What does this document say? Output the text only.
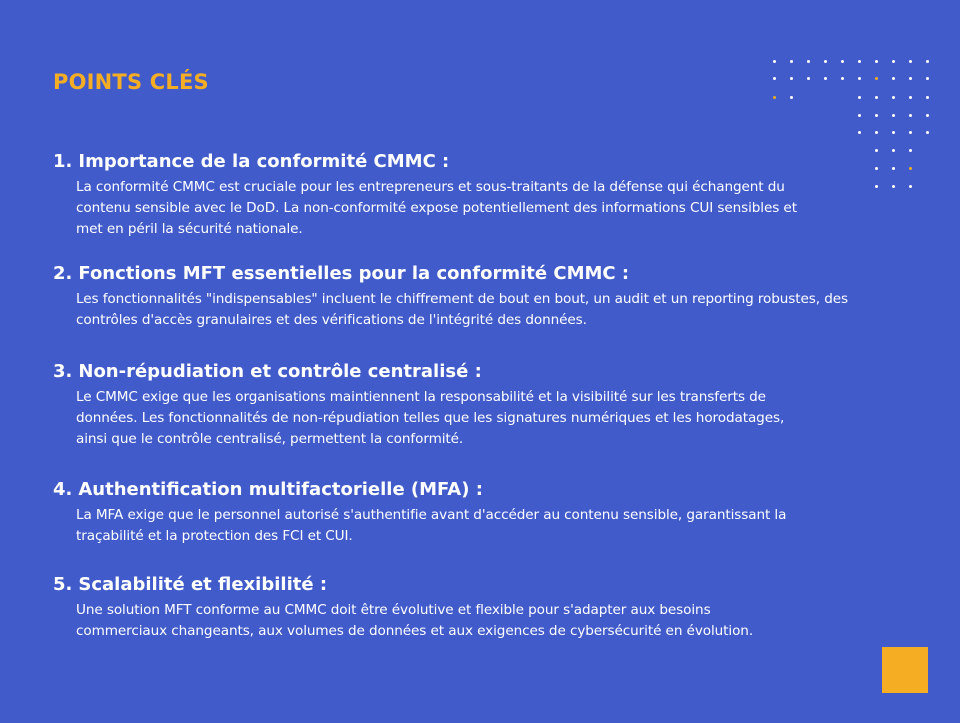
POINTS CLÉS
1. Importance de la conformité CMMC :

La conformité CMMC est cruciale pour les entrepreneurs et sous-traitants de la défense qui échangent du contenu sensible avec le DoD. La non-conformité expose potentiellement des informations CUI sensibles et met en péril la sécurité nationale.

2. Fonctions MFT essentielles pour la conformité CMMC :

Les fonctionnalités "indispensables" incluent le chiffrement de bout en bout, un audit et un reporting robustes, des contrôles d'accès granulaires et des vérifications de l'intégrité des données.

3. Non-répudiation et contrôle centralisé :

Le CMMC exige que les organisations maintiennent la responsabilité et la visibilité sur les transferts de données. Les fonctionnalités de non-répudiation telles que les signatures numériques et les horodatages, ainsi que le contrôle centralisé, permettent la conformité.

4. Authentification multifactorielle (MFA) :

La MFA exige que le personnel autorisé s'authentifie avant d'accéder au contenu sensible, garantissant la traçabilité et la protection des FCI et CUI.

5. Scalabilité et flexibilité :

Une solution MFT conforme au CMMC doit être évolutive et flexible pour s'adapter aux besoins commerciaux changeants, aux volumes de données et aux exigences de cybersécurité en évolution.
